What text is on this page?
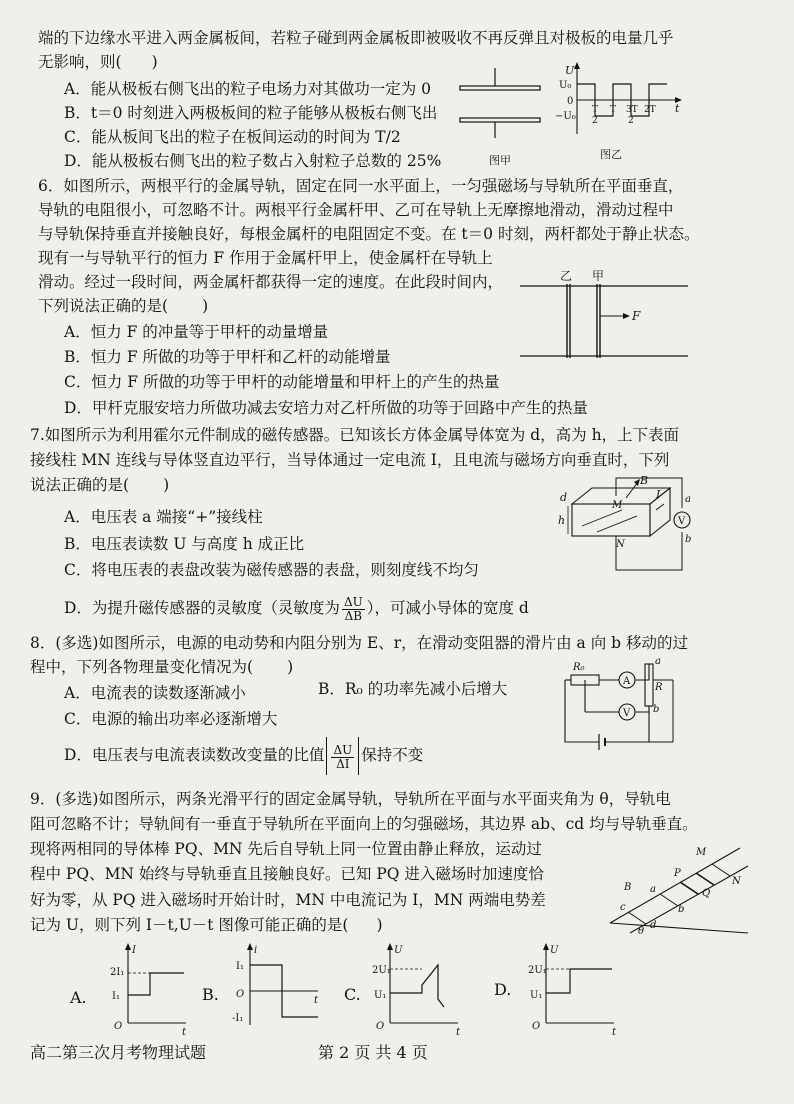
端的下边缘水平进入两金属板间，若粒子碰到两金属板即被吸收不再反弹且对极板的电量几乎
无影响，则( )
A．能从极板右侧飞出的粒子电场力对其做功一定为 0
B．t＝0 时刻进入两极板间的粒子能够从极板右侧飞出
C．能从板间飞出的粒子在板间运动的时间为 T/2
D．能从极板右侧飞出的粒子数占入射粒子总数的 25%	图甲
U
U₀
0
−U₀
t
T
2
T 3T
2
2T
图乙
6．如图所示，两根平行的金属导轨，固定在同一水平面上，一匀强磁场与导轨所在平面垂直，
导轨的电阻很小，可忽略不计。两根平行金属杆甲、乙可在导轨上无摩擦地滑动，滑动过程中
与导轨保持垂直并接触良好，每根金属杆的电阻固定不变。在 t＝0 时刻，两杆都处于静止状态。
现有一与导轨平行的恒力 F 作用于金属杆甲上，使金属杆在导轨上
滑动。经过一段时间，两金属杆都获得一定的速度。在此段时间内，
下列说法正确的是( )
A．恒力 F 的冲量等于甲杆的动量增量
B．恒力 F 所做的功等于甲杆和乙杆的动能增量
C．恒力 F 所做的功等于甲杆的动能增量和甲杆上的产生的热量
D．甲杆克服安培力所做功减去安培力对乙杆所做的功等于回路中产生的热量
乙 甲
F
7.如图所示为利用霍尔元件制成的磁传感器。已知该长方体金属导体宽为 d，高为 h，上下表面
接线柱 MN 连线与导体竖直边平行，当导体通过一定电流 I，且电流与磁场方向垂直时，下列
说法正确的是( )
A．电压表 a 端接“+”接线柱
B．电压表读数 U 与高度 h 成正比
C．将电压表的表盘改装为磁传感器的表盘，则刻度线不均匀
D．为提升磁传感器的灵敏度（灵敏度为 $\frac{\Delta U}{\Delta B}$ ），可减小导体的宽度 d
B
d
h
M
N
I
V
a
b
8．(多选)如图所示，电源的电动势和内阻分别为 E、r，在滑动变阻器的滑片由 a 向 b 移动的过
程中，下列各物理量变化情况为( )
A．电流表的读数逐渐减小	B．R₀ 的功率先减小后增大
C．电源的输出功率必逐渐增大
D．电压表与电流表读数改变量的比值 $\frac{\Delta U}{\Delta I}$ 保持不变
R₀
A
R
a
b
V
9．(多选)如图所示，两条光滑平行的固定金属导轨，导轨所在平面与水平面夹角为 θ，导轨电
阻可忽略不计；导轨间有一垂直于导轨所在平面向上的匀强磁场，其边界 ab、cd 均与导轨垂直。
现将两相同的导体棒 PQ、MN 先后自导轨上同一位置由静止释放，运动过
程中 PQ、MN 始终与导轨垂直且接触良好。已知 PQ 进入磁场时加速度恰
好为零，从 PQ 进入磁场时开始计时，MN 中电流记为 I，MN 两端电势差
记为 U，则下列 I－t,U－t 图像可能正确的是( )
P
Q
M
N
a
b
c
d
B
θ
A.
I
2I₁
I₁
O
t
B.
i
I₁
-I₁
O
t C.
U
2U₁
U₁
O
t
D.
U
2U₁
U₁
O
t
高二第三次月考物理试题	第 2 页 共 4 页
